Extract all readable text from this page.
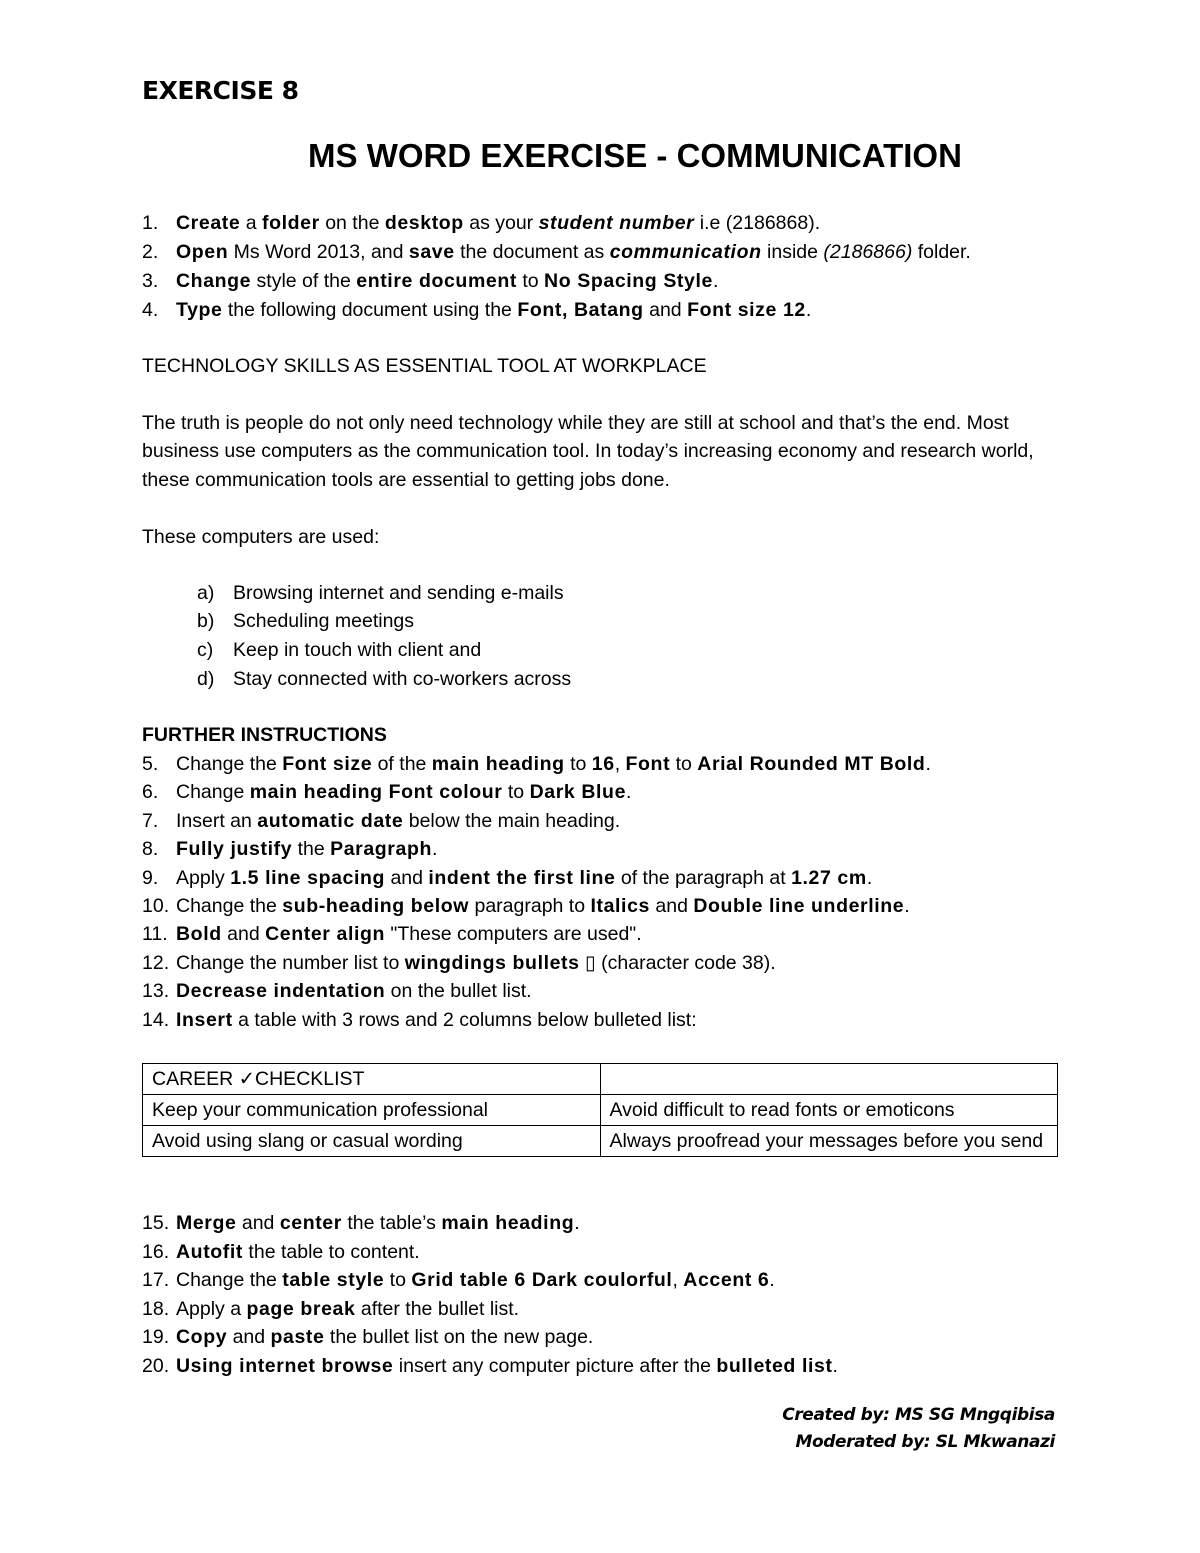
EXERCISE 8
MS WORD EXERCISE - COMMUNICATION
1. Create a folder on the desktop as your student number i.e (2186868).
2. Open Ms Word 2013, and save the document as communication inside (2186866) folder.
3. Change style of the entire document to No Spacing Style.
4. Type the following document using the Font, Batang and Font size 12.
TECHNOLOGY SKILLS AS ESSENTIAL TOOL AT WORKPLACE
The truth is people do not only need technology while they are still at school and that’s the end. Most
business use computers as the communication tool. In today’s increasing economy and research world,
these communication tools are essential to getting jobs done.
These computers are used:
a) Browsing internet and sending e-mails
b) Scheduling meetings
c) Keep in touch with client and
d) Stay connected with co-workers across
FURTHER INSTRUCTIONS
5. Change the Font size of the main heading to 16, Font to Arial Rounded MT Bold.
6. Change main heading Font colour to Dark Blue.
7. Insert an automatic date below the main heading.
8. Fully justify the Paragraph.
9. Apply 1.5 line spacing and indent the first line of the paragraph at 1.27 cm.
10. Change the sub-heading below paragraph to Italics and Double line underline.
11. Bold and Center align "These computers are used".
12. Change the number list to wingdings bullets ▯ (character code 38).
13. Decrease indentation on the bullet list.
14. Insert a table with 3 rows and 2 columns below bulleted list:
CAREER ✓CHECKLIST	
Keep your communication professional	Avoid difficult to read fonts or emoticons
Avoid using slang or casual wording	Always proofread your messages before you send
15. Merge and center the table’s main heading.
16. Autofit the table to content.
17. Change the table style to Grid table 6 Dark coulorful, Accent 6.
18. Apply a page break after the bullet list.
19. Copy and paste the bullet list on the new page.
20. Using internet browse insert any computer picture after the bulleted list.
Created by: MS SG Mngqibisa
Moderated by: SL Mkwanazi
